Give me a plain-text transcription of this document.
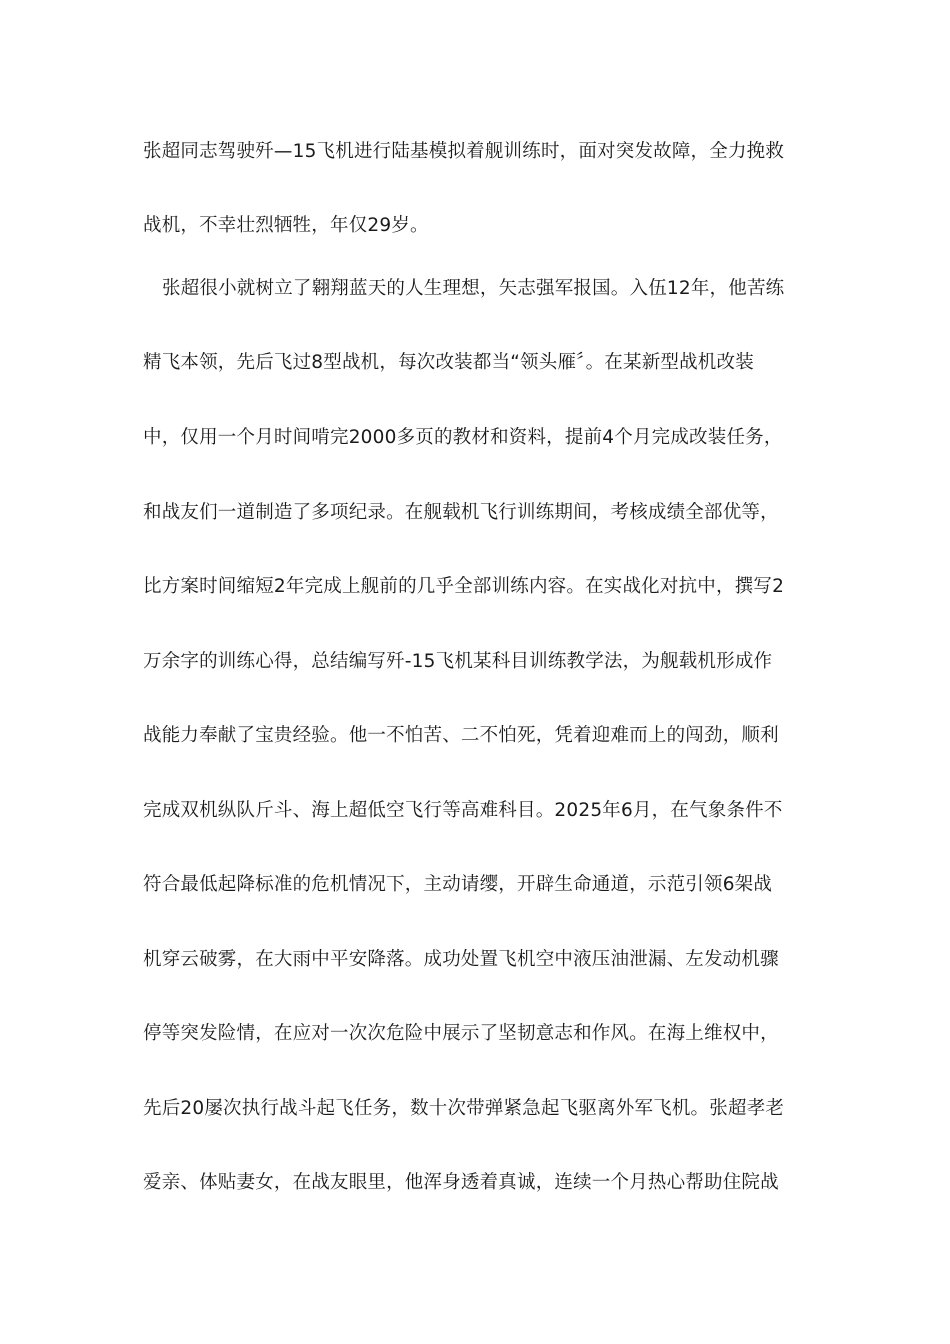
张超同志驾驶歼—15飞机进行陆基模拟着舰训练时，面对突发故障，全力挽救
战机，不幸壮烈牺牲，年仅29岁。
张超很小就树立了翱翔蓝天的人生理想，矢志强军报国。入伍12年，他苦练
精飞本领，先后飞过8型战机，每次改装都当“领头雁〞。在某新型战机改装
中，仅用一个月时间啃完2000多页的教材和资料，提前4个月完成改装任务，
和战友们一道制造了多项纪录。在舰载机飞行训练期间，考核成绩全部优等，
比方案时间缩短2年完成上舰前的几乎全部训练内容。在实战化对抗中，撰写2
万余字的训练心得，总结编写歼-15飞机某科目训练教学法，为舰载机形成作
战能力奉献了宝贵经验。他一不怕苦、二不怕死，凭着迎难而上的闯劲，顺利
完成双机纵队斤斗、海上超低空飞行等高难科目。2025年6月，在气象条件不
符合最低起降标准的危机情况下，主动请缨，开辟生命通道，示范引领6架战
机穿云破雾，在大雨中平安降落。成功处置飞机空中液压油泄漏、左发动机骤
停等突发险情，在应对一次次危险中展示了坚韧意志和作风。在海上维权中，
先后20屡次执行战斗起飞任务，数十次带弹紧急起飞驱离外军飞机。张超孝老
爱亲、体贴妻女，在战友眼里，他浑身透着真诚，连续一个月热心帮助住院战
